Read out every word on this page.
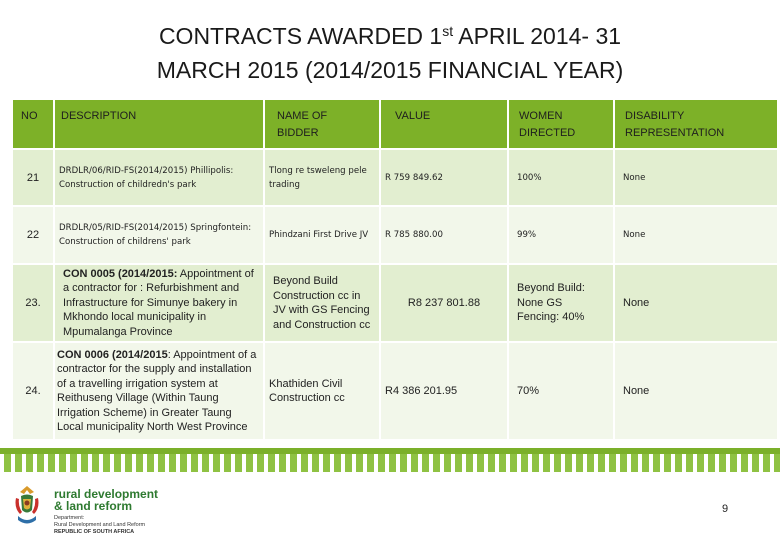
CONTRACTS AWARDED 1st APRIL 2014- 31
MARCH 2015 (2014/2015 FINANCIAL YEAR)
NO	DESCRIPTION	NAME OF BIDDER	VALUE	WOMEN DIRECTED	DISABILITY REPRESENTATION
21	DRDLR/06/RID-FS(2014/2015) Phillipolis: Construction of childredn's park	Tlong re tsweleng pele trading	R 759 849.62	100%	None
22	DRDLR/05/RID-FS(2014/2015) Springfontein: Construction of childrens' park	Phindzani First Drive JV	R 785 880.00	99%	None
23.	CON 0005 (2014/2015: Appointment of a contractor for : Refurbishment and Infrastructure for Simunye bakery in Mkhondo local municipality in Mpumalanga Province	Beyond Build Construction cc in JV with GS Fencing and Construction cc	R8 237 801.88	Beyond Build: None GS Fencing: 40%	None
24.	CON 0006 (2014/2015: Appointment of a contractor for the supply and installation of a travelling irrigation system at Reithuseng Village (Within Taung Irrigation Scheme) in Greater Taung Local municipality North West Province	Khathiden Civil Construction cc	R4 386 201.95	70%	None
rural development
& land reform
Department:
Rural Development and Land Reform
REPUBLIC OF SOUTH AFRICA
9
